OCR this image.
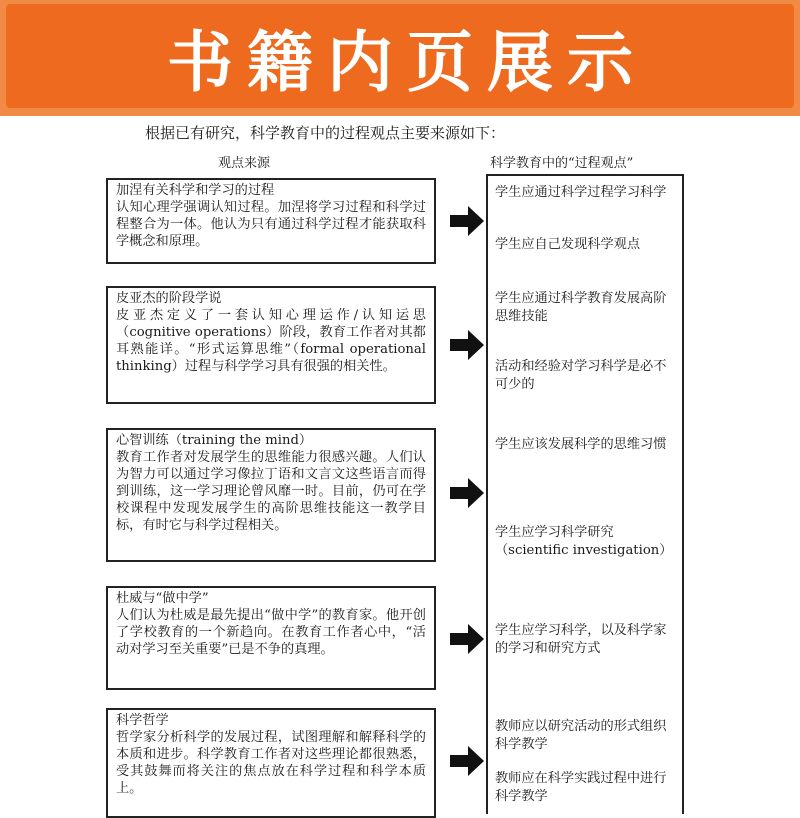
书籍内页展示
根据已有研究，科学教育中的过程观点主要来源如下：
观点来源	科学教育中的“过程观点”
加涅有关科学和学习的过程
认知心理学强调认知过程。加涅将学习过程和科学过程整合为一体。他认为只有通过科学过程才能获取科学概念和原理。
皮亚杰的阶段学说
皮亚杰定义了一套认知心理运作/认知运思（cognitive operations）阶段，教育工作者对其都耳熟能详。“形式运算思维”（formal operational thinking）过程与科学学习具有很强的相关性。
心智训练（training the mind）
教育工作者对发展学生的思维能力很感兴趣。人们认为智力可以通过学习像拉丁语和文言文这些语言而得到训练，这一学习理论曾风靡一时。目前，仍可在学校课程中发现发展学生的高阶思维技能这一教学目标，有时它与科学过程相关。
杜威与“做中学”
人们认为杜威是最先提出“做中学”的教育家。他开创了学校教育的一个新趋向。在教育工作者心中，“活动对学习至关重要”已是不争的真理。
科学哲学
哲学家分析科学的发展过程，试图理解和解释科学的本质和进步。科学教育工作者对这些理论都很熟悉，受其鼓舞而将关注的焦点放在科学过程和科学本质上。
学生应通过科学过程学习科学
学生应自己发现科学观点
学生应通过科学教育发展高阶思维技能
活动和经验对学习科学是必不可少的
学生应该发展科学的思维习惯
学生应学习科学研究（scientific investigation）
学生应学习科学，以及科学家的学习和研究方式
教师应以研究活动的形式组织科学教学
教师应在科学实践过程中进行科学教学
